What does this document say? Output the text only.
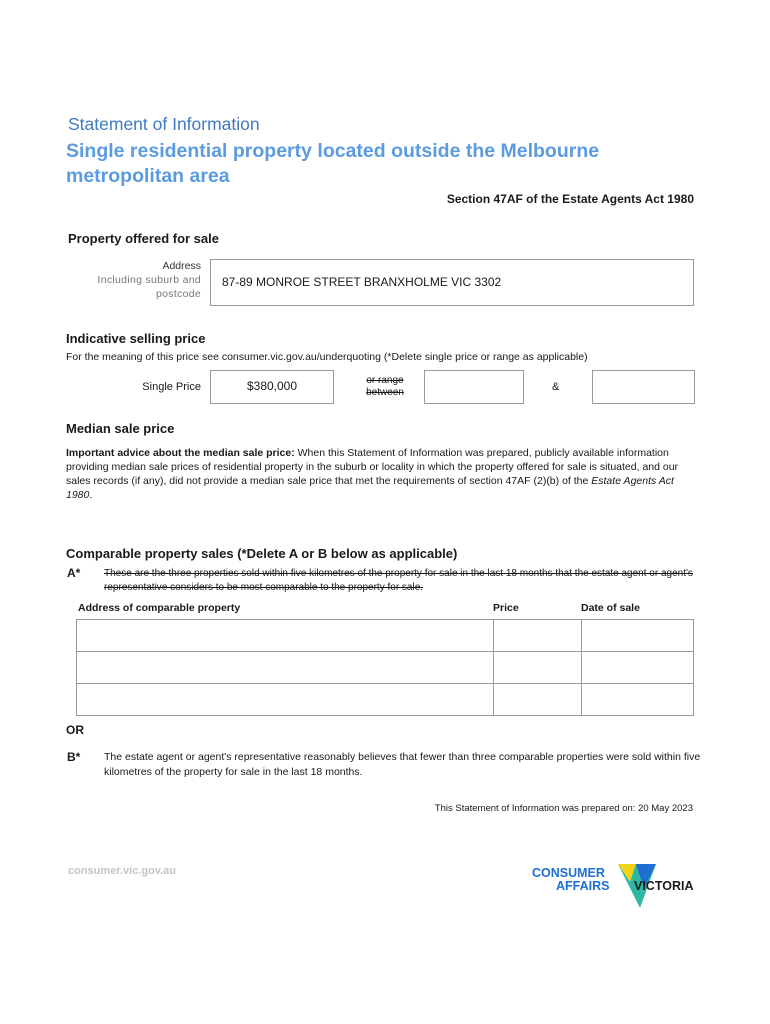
Statement of Information
Single residential property located outside the Melbourne metropolitan area
Section 47AF of the Estate Agents Act 1980
Property offered for sale
Address
Including suburb and
postcode
87-89 MONROE STREET BRANXHOLME VIC 3302
Indicative selling price
For the meaning of this price see consumer.vic.gov.au/underquoting (*Delete single price or range as applicable)
Single Price	$380,000	or range
between	&
Median sale price
Important advice about the median sale price: When this Statement of Information was prepared, publicly available information providing median sale prices of residential property in the suburb or locality in which the property offered for sale is situated, and our sales records (if any), did not provide a median sale price that met the requirements of section 47AF (2)(b) of the Estate Agents Act 1980.
Comparable property sales (*Delete A or B below as applicable)
A* These are the three properties sold within five kilometres of the property for sale in the last 18 months that the estate agent or agent's representative considers to be most comparable to the property for sale.
Address of comparable property	Price	Date of sale

OR
B* The estate agent or agent's representative reasonably believes that fewer than three comparable properties were sold within five kilometres of the property for sale in the last 18 months.
This Statement of Information was prepared on: 20 May 2023
consumer.vic.gov.au	CONSUMER
AFFAIRS VICTORIA
